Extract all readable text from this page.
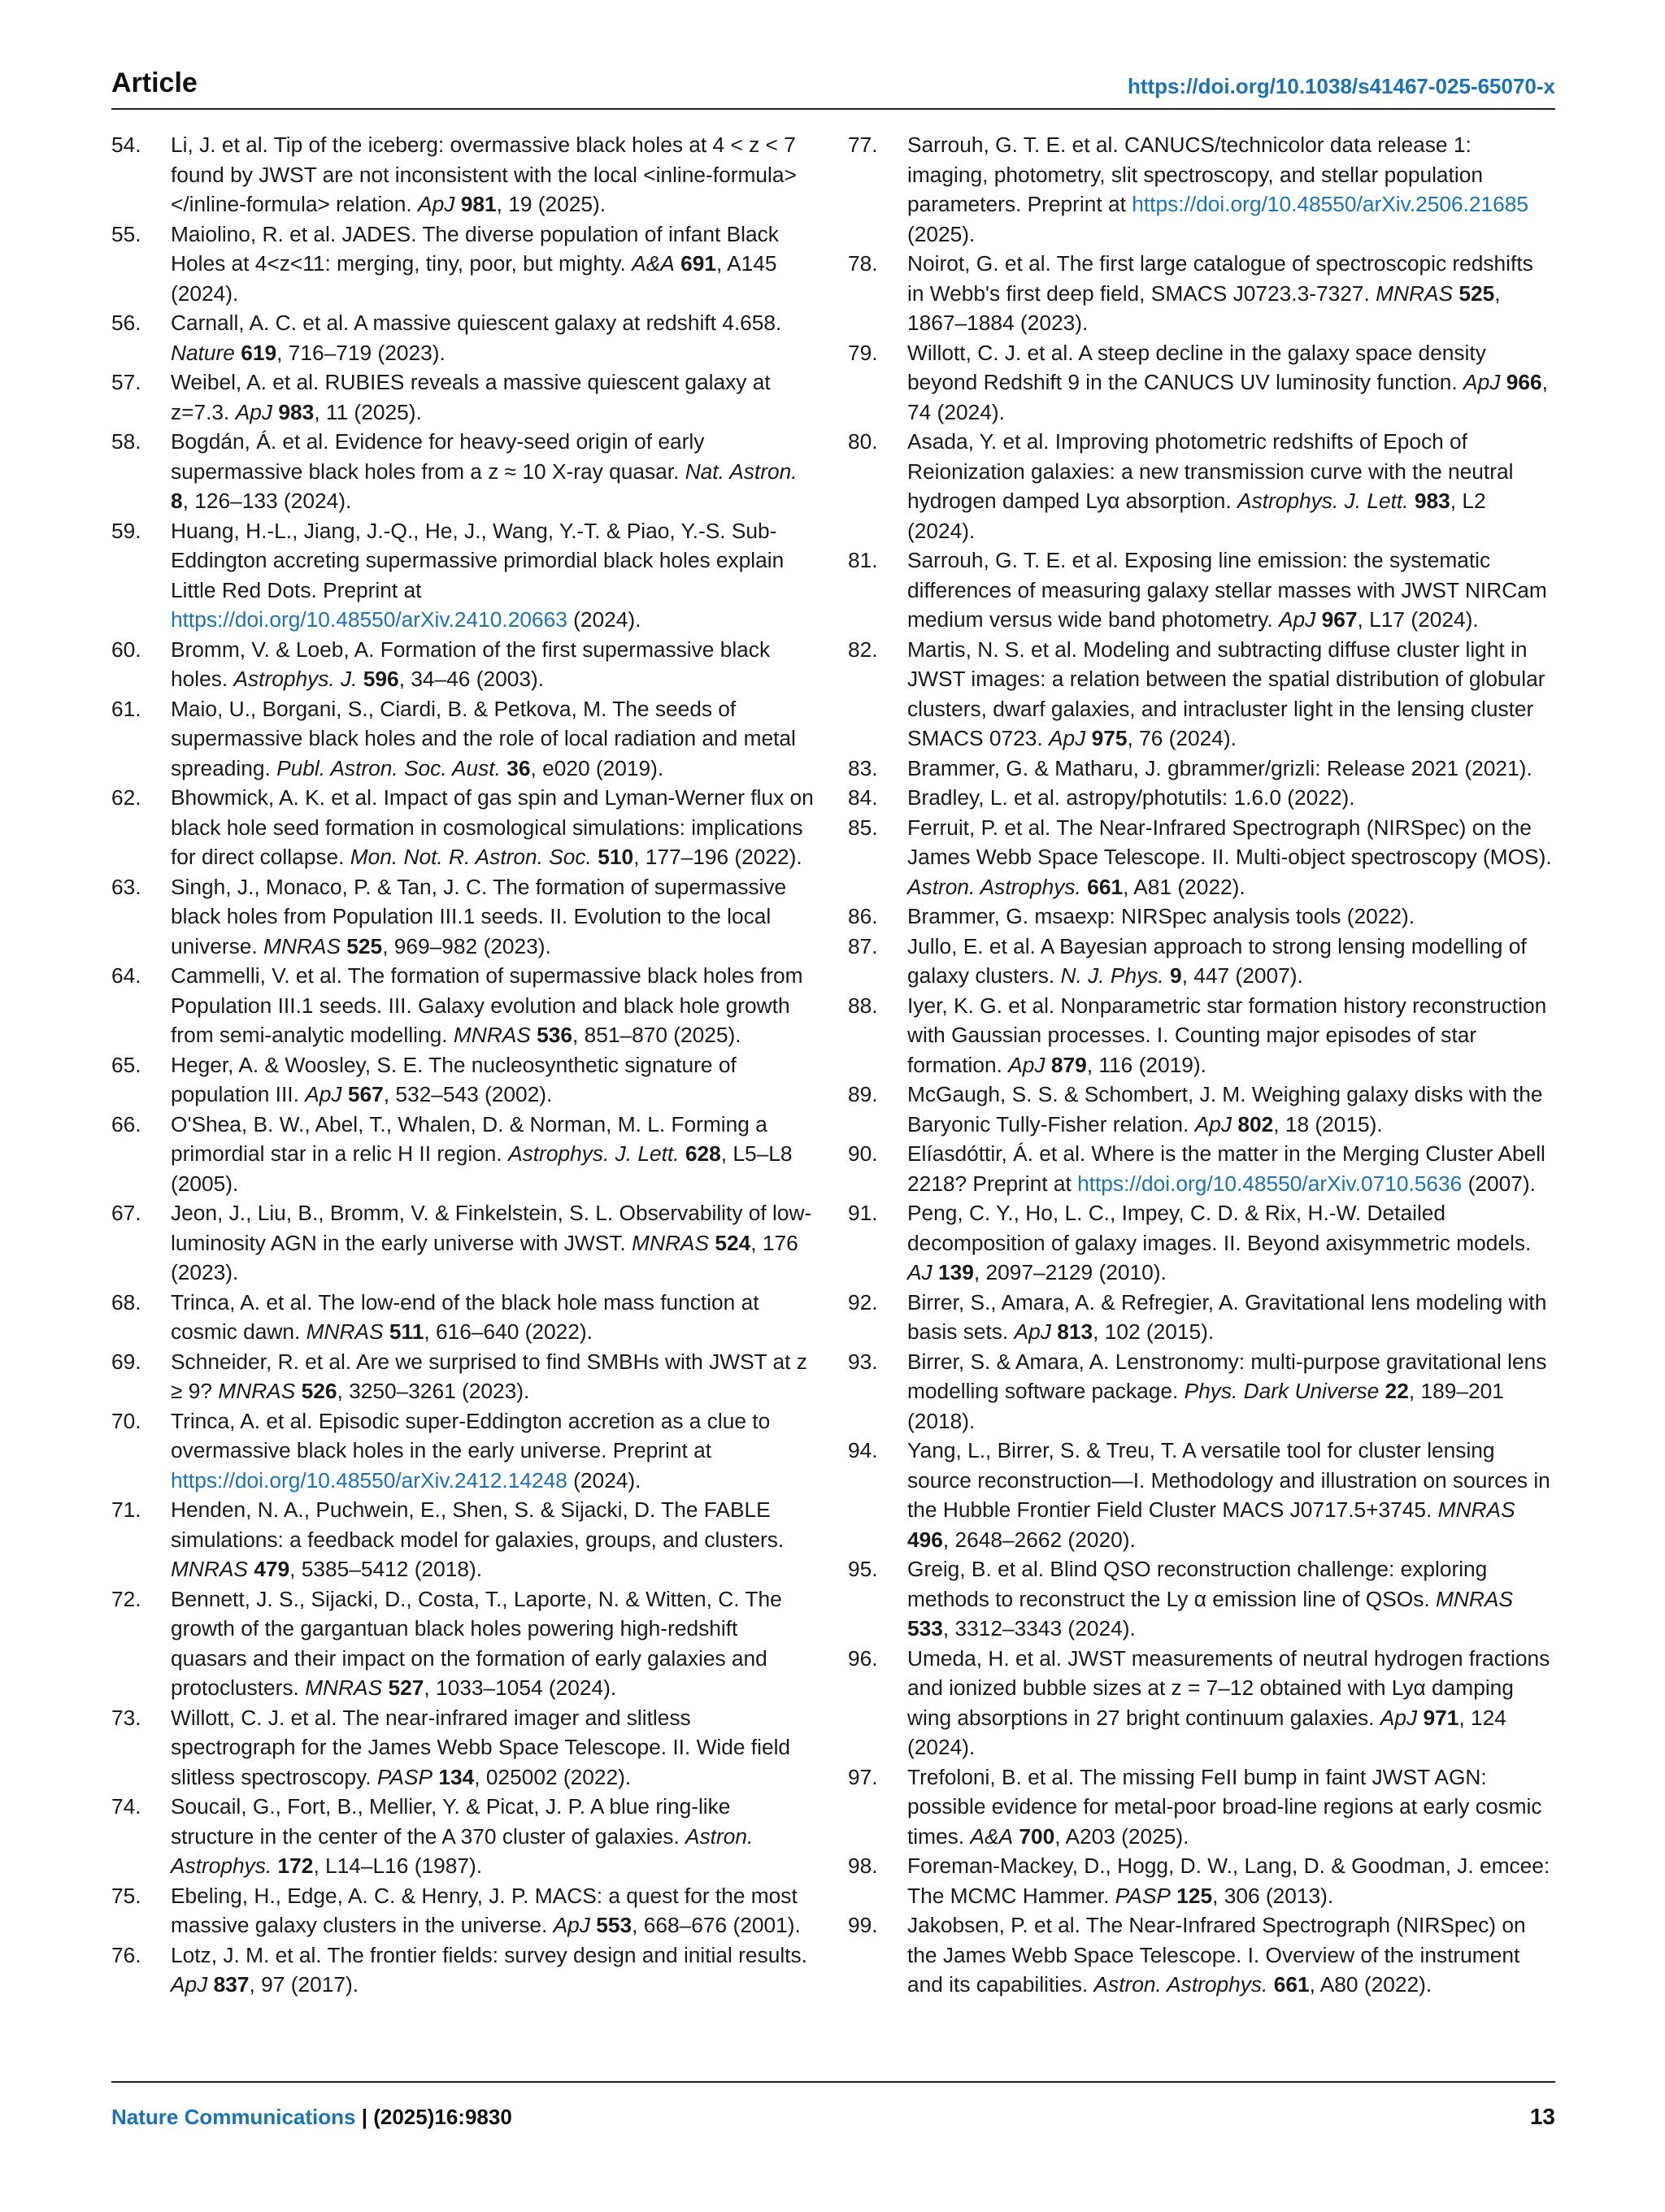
Article	https://doi.org/10.1038/s41467-025-65070-x
54.	Li, J. et al. Tip of the iceberg: overmassive black holes at 4 < z < 7 found by JWST are not inconsistent with the local <inline-formula></inline-formula> relation. ApJ 981, 19 (2025).
55.	Maiolino, R. et al. JADES. The diverse population of infant Black Holes at 4<z<11: merging, tiny, poor, but mighty. A&A 691, A145 (2024).
56.	Carnall, A. C. et al. A massive quiescent galaxy at redshift 4.658. Nature 619, 716–719 (2023).
57.	Weibel, A. et al. RUBIES reveals a massive quiescent galaxy at z=7.3. ApJ 983, 11 (2025).
58.	Bogdán, Á. et al. Evidence for heavy-seed origin of early supermassive black holes from a z ≈ 10 X-ray quasar. Nat. Astron. 8, 126–133 (2024).
59.	Huang, H.-L., Jiang, J.-Q., He, J., Wang, Y.-T. & Piao, Y.-S. Sub-Eddington accreting supermassive primordial black holes explain Little Red Dots. Preprint at https://doi.org/10.48550/arXiv.2410.20663 (2024).
60.	Bromm, V. & Loeb, A. Formation of the first supermassive black holes. Astrophys. J. 596, 34–46 (2003).
61.	Maio, U., Borgani, S., Ciardi, B. & Petkova, M. The seeds of supermassive black holes and the role of local radiation and metal spreading. Publ. Astron. Soc. Aust. 36, e020 (2019).
62.	Bhowmick, A. K. et al. Impact of gas spin and Lyman-Werner flux on black hole seed formation in cosmological simulations: implications for direct collapse. Mon. Not. R. Astron. Soc. 510, 177–196 (2022).
63.	Singh, J., Monaco, P. & Tan, J. C. The formation of supermassive black holes from Population III.1 seeds. II. Evolution to the local universe. MNRAS 525, 969–982 (2023).
64.	Cammelli, V. et al. The formation of supermassive black holes from Population III.1 seeds. III. Galaxy evolution and black hole growth from semi-analytic modelling. MNRAS 536, 851–870 (2025).
65.	Heger, A. & Woosley, S. E. The nucleosynthetic signature of population III. ApJ 567, 532–543 (2002).
66.	O'Shea, B. W., Abel, T., Whalen, D. & Norman, M. L. Forming a primordial star in a relic H II region. Astrophys. J. Lett. 628, L5–L8 (2005).
67.	Jeon, J., Liu, B., Bromm, V. & Finkelstein, S. L. Observability of low-luminosity AGN in the early universe with JWST. MNRAS 524, 176 (2023).
68.	Trinca, A. et al. The low-end of the black hole mass function at cosmic dawn. MNRAS 511, 616–640 (2022).
69.	Schneider, R. et al. Are we surprised to find SMBHs with JWST at z ≥ 9? MNRAS 526, 3250–3261 (2023).
70.	Trinca, A. et al. Episodic super-Eddington accretion as a clue to overmassive black holes in the early universe. Preprint at https://doi.org/10.48550/arXiv.2412.14248 (2024).
71.	Henden, N. A., Puchwein, E., Shen, S. & Sijacki, D. The FABLE simulations: a feedback model for galaxies, groups, and clusters. MNRAS 479, 5385–5412 (2018).
72.	Bennett, J. S., Sijacki, D., Costa, T., Laporte, N. & Witten, C. The growth of the gargantuan black holes powering high-redshift quasars and their impact on the formation of early galaxies and protoclusters. MNRAS 527, 1033–1054 (2024).
73.	Willott, C. J. et al. The near-infrared imager and slitless spectrograph for the James Webb Space Telescope. II. Wide field slitless spectroscopy. PASP 134, 025002 (2022).
74.	Soucail, G., Fort, B., Mellier, Y. & Picat, J. P. A blue ring-like structure in the center of the A 370 cluster of galaxies. Astron. Astrophys. 172, L14–L16 (1987).
75.	Ebeling, H., Edge, A. C. & Henry, J. P. MACS: a quest for the most massive galaxy clusters in the universe. ApJ 553, 668–676 (2001).
76.	Lotz, J. M. et al. The frontier fields: survey design and initial results. ApJ 837, 97 (2017).
77.	Sarrouh, G. T. E. et al. CANUCS/technicolor data release 1: imaging, photometry, slit spectroscopy, and stellar population parameters. Preprint at https://doi.org/10.48550/arXiv.2506.21685 (2025).
78.	Noirot, G. et al. The first large catalogue of spectroscopic redshifts in Webb's first deep field, SMACS J0723.3-7327. MNRAS 525, 1867–1884 (2023).
79.	Willott, C. J. et al. A steep decline in the galaxy space density beyond Redshift 9 in the CANUCS UV luminosity function. ApJ 966, 74 (2024).
80.	Asada, Y. et al. Improving photometric redshifts of Epoch of Reionization galaxies: a new transmission curve with the neutral hydrogen damped Lyα absorption. Astrophys. J. Lett. 983, L2 (2024).
81.	Sarrouh, G. T. E. et al. Exposing line emission: the systematic differences of measuring galaxy stellar masses with JWST NIRCam medium versus wide band photometry. ApJ 967, L17 (2024).
82.	Martis, N. S. et al. Modeling and subtracting diffuse cluster light in JWST images: a relation between the spatial distribution of globular clusters, dwarf galaxies, and intracluster light in the lensing cluster SMACS 0723. ApJ 975, 76 (2024).
83.	Brammer, G. & Matharu, J. gbrammer/grizli: Release 2021 (2021).
84.	Bradley, L. et al. astropy/photutils: 1.6.0 (2022).
85.	Ferruit, P. et al. The Near-Infrared Spectrograph (NIRSpec) on the James Webb Space Telescope. II. Multi-object spectroscopy (MOS). Astron. Astrophys. 661, A81 (2022).
86.	Brammer, G. msaexp: NIRSpec analysis tools (2022).
87.	Jullo, E. et al. A Bayesian approach to strong lensing modelling of galaxy clusters. N. J. Phys. 9, 447 (2007).
88.	Iyer, K. G. et al. Nonparametric star formation history reconstruction with Gaussian processes. I. Counting major episodes of star formation. ApJ 879, 116 (2019).
89.	McGaugh, S. S. & Schombert, J. M. Weighing galaxy disks with the Baryonic Tully-Fisher relation. ApJ 802, 18 (2015).
90.	Elíasdóttir, Á. et al. Where is the matter in the Merging Cluster Abell 2218? Preprint at https://doi.org/10.48550/arXiv.0710.5636 (2007).
91.	Peng, C. Y., Ho, L. C., Impey, C. D. & Rix, H.-W. Detailed decomposition of galaxy images. II. Beyond axisymmetric models. AJ 139, 2097–2129 (2010).
92.	Birrer, S., Amara, A. & Refregier, A. Gravitational lens modeling with basis sets. ApJ 813, 102 (2015).
93.	Birrer, S. & Amara, A. Lenstronomy: multi-purpose gravitational lens modelling software package. Phys. Dark Universe 22, 189–201 (2018).
94.	Yang, L., Birrer, S. & Treu, T. A versatile tool for cluster lensing source reconstruction—I. Methodology and illustration on sources in the Hubble Frontier Field Cluster MACS J0717.5+3745. MNRAS 496, 2648–2662 (2020).
95.	Greig, B. et al. Blind QSO reconstruction challenge: exploring methods to reconstruct the Ly α emission line of QSOs. MNRAS 533, 3312–3343 (2024).
96.	Umeda, H. et al. JWST measurements of neutral hydrogen fractions and ionized bubble sizes at z = 7–12 obtained with Lyα damping wing absorptions in 27 bright continuum galaxies. ApJ 971, 124 (2024).
97.	Trefoloni, B. et al. The missing FeII bump in faint JWST AGN: possible evidence for metal-poor broad-line regions at early cosmic times. A&A 700, A203 (2025).
98.	Foreman-Mackey, D., Hogg, D. W., Lang, D. & Goodman, J. emcee: The MCMC Hammer. PASP 125, 306 (2013).
99.	Jakobsen, P. et al. The Near-Infrared Spectrograph (NIRSpec) on the James Webb Space Telescope. I. Overview of the instrument and its capabilities. Astron. Astrophys. 661, A80 (2022).
Nature Communications | (2025)16:9830	13
